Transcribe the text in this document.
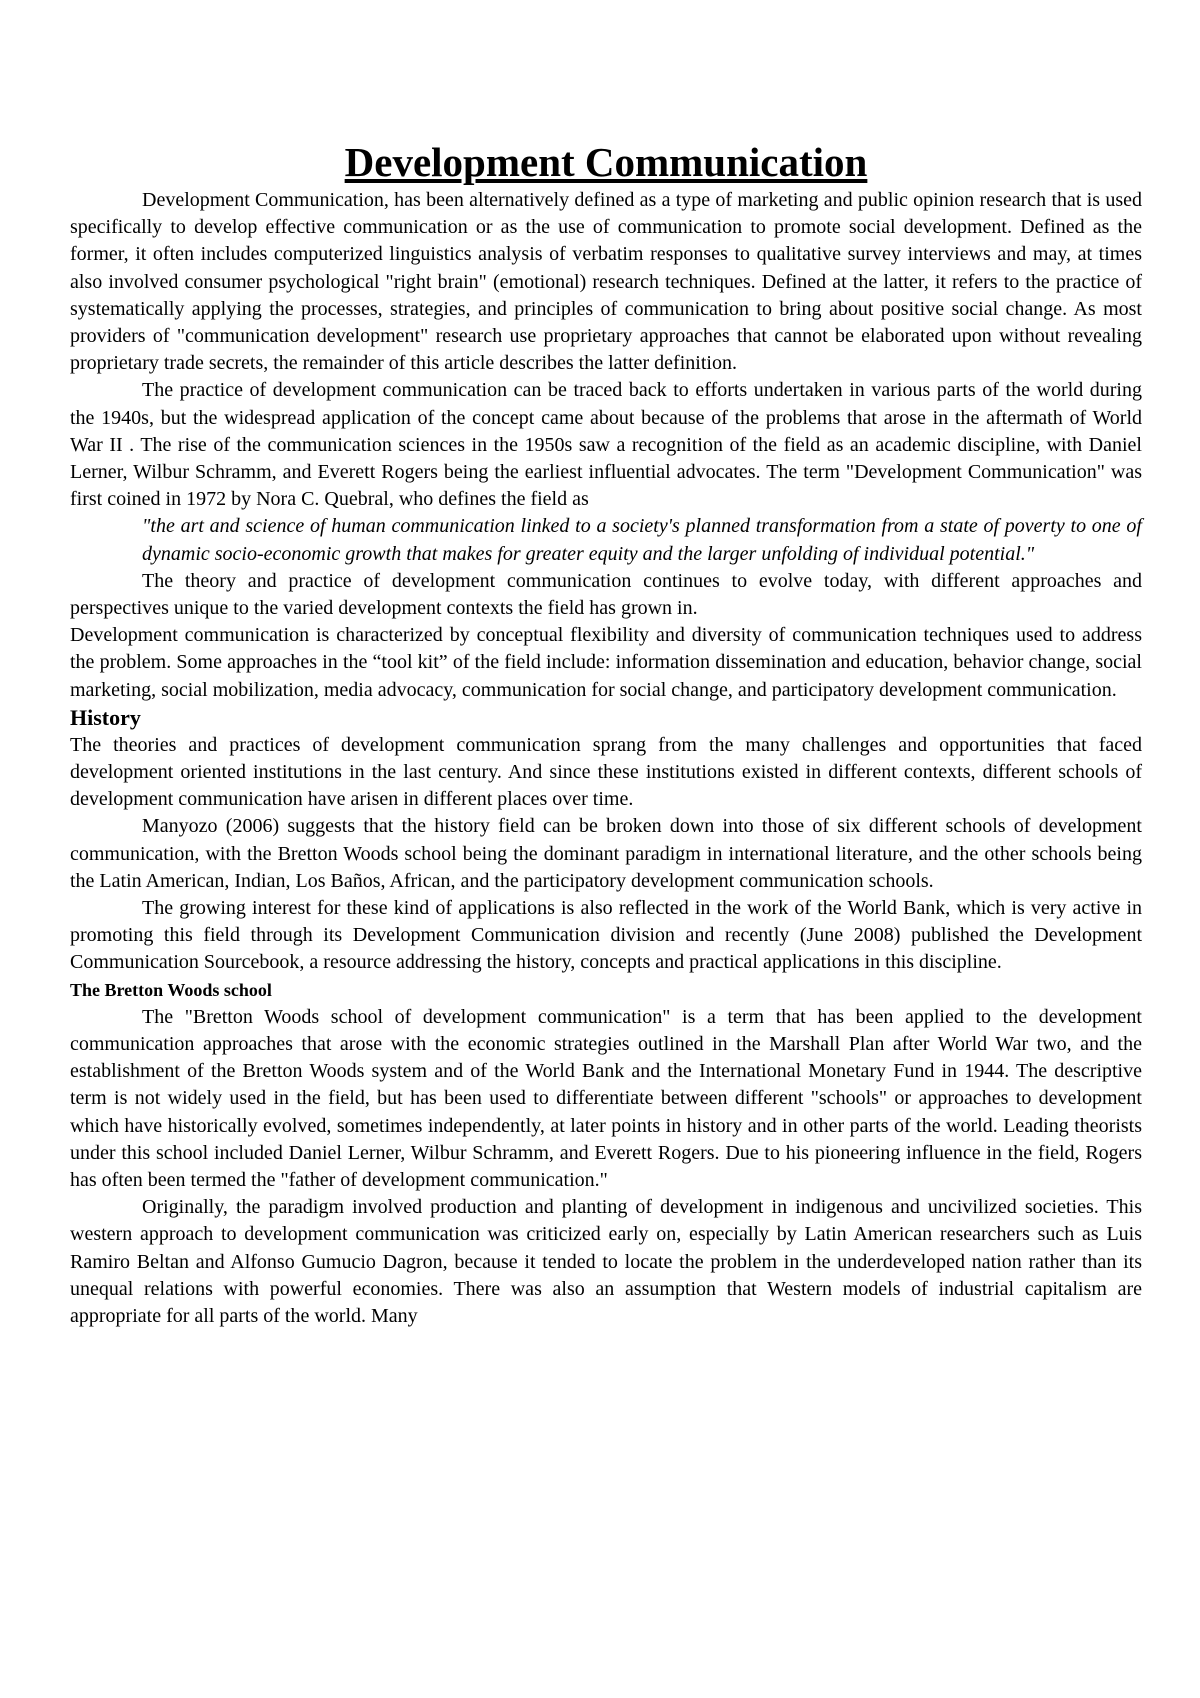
Development Communication

Development Communication, has been alternatively defined as a type of marketing and public opinion research that is used specifically to develop effective communication or as the use of communication to promote social development. Defined as the former, it often includes computerized linguistics analysis of verbatim responses to qualitative survey interviews and may, at times also involved consumer psychological "right brain" (emotional) research techniques. Defined at the latter, it refers to the practice of systematically applying the processes, strategies, and principles of communication to bring about positive social change. As most providers of "communication development" research use proprietary approaches that cannot be elaborated upon without revealing proprietary trade secrets, the remainder of this article describes the latter definition.

The practice of development communication can be traced back to efforts undertaken in various parts of the world during the 1940s, but the widespread application of the concept came about because of the problems that arose in the aftermath of World War II . The rise of the communication sciences in the 1950s saw a recognition of the field as an academic discipline, with Daniel Lerner, Wilbur Schramm, and Everett Rogers being the earliest influential advocates. The term "Development Communication" was first coined in 1972 by Nora C. Quebral, who defines the field as

"the art and science of human communication linked to a society's planned transformation from a state of poverty to one of dynamic socio-economic growth that makes for greater equity and the larger unfolding of individual potential."

The theory and practice of development communication continues to evolve today, with different approaches and perspectives unique to the varied development contexts the field has grown in.

Development communication is characterized by conceptual flexibility and diversity of communication techniques used to address the problem. Some approaches in the “tool kit” of the field include: information dissemination and education, behavior change, social marketing, social mobilization, media advocacy, communication for social change, and participatory development communication.

History

The theories and practices of development communication sprang from the many challenges and opportunities that faced development oriented institutions in the last century. And since these institutions existed in different contexts, different schools of development communication have arisen in different places over time.

Manyozo (2006) suggests that the history field can be broken down into those of six different schools of development communication, with the Bretton Woods school being the dominant paradigm in international literature, and the other schools being the Latin American, Indian, Los Baños, African, and the participatory development communication schools.

The growing interest for these kind of applications is also reflected in the work of the World Bank, which is very active in promoting this field through its Development Communication division and recently (June 2008) published the Development Communication Sourcebook, a resource addressing the history, concepts and practical applications in this discipline.

The Bretton Woods school

The "Bretton Woods school of development communication" is a term that has been applied to the development communication approaches that arose with the economic strategies outlined in the Marshall Plan after World War two, and the establishment of the Bretton Woods system and of the World Bank and the International Monetary Fund in 1944. The descriptive term is not widely used in the field, but has been used to differentiate between different "schools" or approaches to development which have historically evolved, sometimes independently, at later points in history and in other parts of the world. Leading theorists under this school included Daniel Lerner, Wilbur Schramm, and Everett Rogers. Due to his pioneering influence in the field, Rogers has often been termed the "father of development communication."

Originally, the paradigm involved production and planting of development in indigenous and uncivilized societies. This western approach to development communication was criticized early on, especially by Latin American researchers such as Luis Ramiro Beltan and Alfonso Gumucio Dagron, because it tended to locate the problem in the underdeveloped nation rather than its unequal relations with powerful economies. There was also an assumption that Western models of industrial capitalism are appropriate for all parts of the world. Many
